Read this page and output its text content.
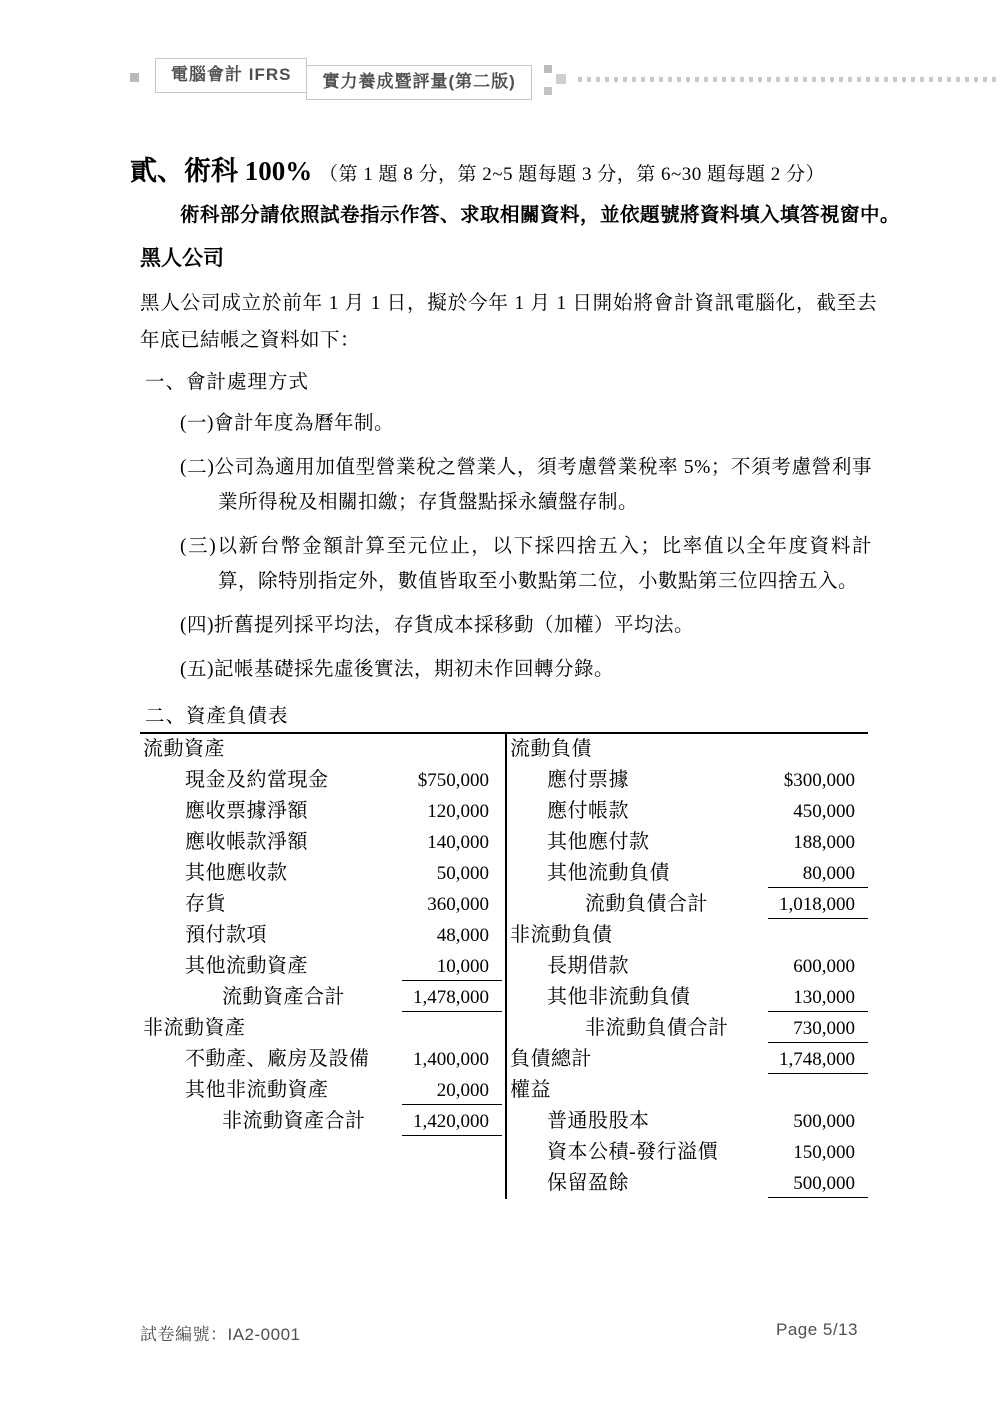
電腦會計 IFRS	實力養成暨評量(第二版)
貳、術科 100% （第 1 題 8 分，第 2~5 題每題 3 分，第 6~30 題每題 2 分）
術科部分請依照試卷指示作答、求取相關資料，並依題號將資料填入填答視窗中。
黑人公司

黑人公司成立於前年 1 月 1 日，擬於今年 1 月 1 日開始將會計資訊電腦化，截至去年底已結帳之資料如下：

一、會計處理方式
(一)會計年度為曆年制。
(二)公司為適用加值型營業稅之營業人，須考慮營業稅率 5%；不須考慮營利事業所得稅及相關扣繳；存貨盤點採永續盤存制。
(三)以新台幣金額計算至元位止，以下採四捨五入；比率值以全年度資料計算，除特別指定外，數值皆取至小數點第二位，小數點第三位四捨五入。
(四)折舊提列採平均法，存貨成本採移動（加權）平均法。
(五)記帳基礎採先虛後實法，期初未作回轉分錄。
二、資產負債表
流動資產
現金及約當現金	$750,000
應收票據淨額	120,000
應收帳款淨額	140,000
其他應收款	50,000
存貨	360,000
預付款項	48,000
其他流動資產	10,000
流動資產合計	1,478,000
非流動資產
不動產、廠房及設備	1,400,000
其他非流動資產	20,000
非流動資產合計	1,420,000
流動負債
應付票據	$300,000
應付帳款	450,000
其他應付款	188,000
其他流動負債	80,000
流動負債合計	1,018,000
非流動負債
長期借款	600,000
其他非流動負債	130,000
非流動負債合計	730,000
負債總計	1,748,000
權益
普通股股本	500,000
資本公積-發行溢價	150,000
保留盈餘	500,000
試卷編號：IA2-0001	Page 5/13
